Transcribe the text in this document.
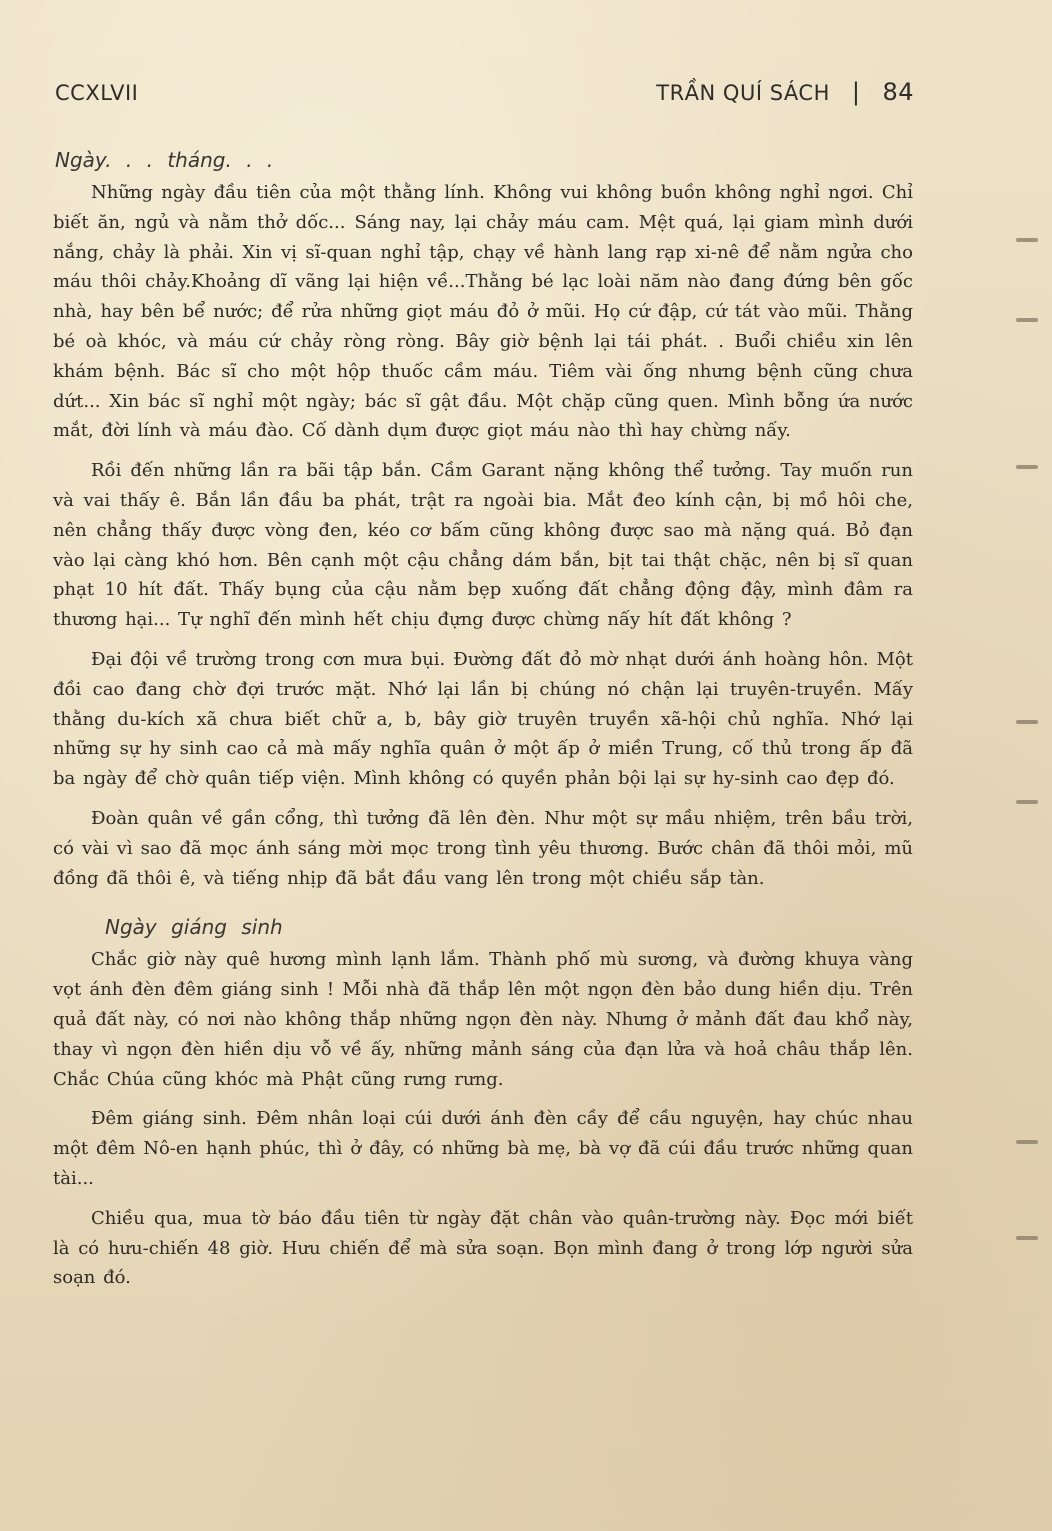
CCXLVII	TRẦN QUÍ SÁCH | 84
Ngày. . . tháng. . .

Những ngày đầu tiên của một thằng lính. Không vui không buồn không nghỉ ngơi. Chỉ biết ăn, ngủ và nằm thở dốc... Sáng nay, lại chảy máu cam. Mệt quá, lại giam mình dưới nắng, chảy là phải. Xin vị sĩ-quan nghỉ tập, chạy về hành lang rạp xi-nê để nằm ngửa cho máu thôi chảy.Khoảng dĩ vãng lại hiện về...Thằng bé lạc loài năm nào đang đứng bên gốc nhà, hay bên bể nước; để rửa những giọt máu đỏ ở mũi. Họ cứ đập, cứ tát vào mũi. Thằng bé oà khóc, và máu cứ chảy ròng ròng. Bây giờ bệnh lại tái phát. . Buổi chiều xin lên khám bệnh. Bác sĩ cho một hộp thuốc cầm máu. Tiêm vài ống nhưng bệnh cũng chưa dứt... Xin bác sĩ nghỉ một ngày; bác sĩ gật đầu. Một chặp cũng quen. Mình bỗng ứa nước mắt, đời lính và máu đào. Cố dành dụm được giọt máu nào thì hay chừng nấy.

Rồi đến những lần ra bãi tập bắn. Cầm Garant nặng không thể tưởng. Tay muốn run và vai thấy ê. Bắn lần đầu ba phát, trật ra ngoài bia. Mắt đeo kính cận, bị mồ hôi che, nên chẳng thấy được vòng đen, kéo cơ bấm cũng không được sao mà nặng quá. Bỏ đạn vào lại càng khó hơn. Bên cạnh một cậu chẳng dám bắn, bịt tai thật chặc, nên bị sĩ quan phạt 10 hít đất. Thấy bụng của cậu nằm bẹp xuống đất chẳng động đậy, mình đâm ra thương hại... Tự nghĩ đến mình hết chịu đựng được chừng nấy hít đất không ?

Đại đội về trường trong cơn mưa bụi. Đường đất đỏ mờ nhạt dưới ánh hoàng hôn. Một đồi cao đang chờ đợi trước mặt. Nhớ lại lần bị chúng nó chận lại truyên-truyền. Mấy thằng du-kích xã chưa biết chữ a, b, bây giờ truyên truyền xã-hội chủ nghĩa. Nhớ lại những sự hy sinh cao cả mà mấy nghĩa quân ở một ấp ở miền Trung, cố thủ trong ấp đã ba ngày để chờ quân tiếp viện. Mình không có quyền phản bội lại sự hy-sinh cao đẹp đó.

Đoàn quân về gần cổng, thì tưởng đã lên đèn. Như một sự mầu nhiệm, trên bầu trời, có vài vì sao đã mọc ánh sáng mời mọc trong tình yêu thương. Bước chân đã thôi mỏi, mũ đồng đã thôi ê, và tiếng nhịp đã bắt đầu vang lên trong một chiều sắp tàn.

Ngày giáng sinh

Chắc giờ này quê hương mình lạnh lắm. Thành phố mù sương, và đường khuya vàng vọt ánh đèn đêm giáng sinh ! Mỗi nhà đã thắp lên một ngọn đèn bảo dung hiền dịu. Trên quả đất này, có nơi nào không thắp những ngọn đèn này. Nhưng ở mảnh đất đau khổ này, thay vì ngọn đèn hiền dịu vỗ về ấy, những mảnh sáng của đạn lửa và hoả châu thắp lên. Chắc Chúa cũng khóc mà Phật cũng rưng rưng.

Đêm giáng sinh. Đêm nhân loại cúi dưới ánh đèn cầy để cầu nguyện, hay chúc nhau một đêm Nô-en hạnh phúc, thì ở đây, có những bà mẹ, bà vợ đã cúi đầu trước những quan tài...

Chiều qua, mua tờ báo đầu tiên từ ngày đặt chân vào quân-trường này. Đọc mới biết là có hưu-chiến 48 giờ. Hưu chiến để mà sửa soạn. Bọn mình đang ở trong lớp người sửa soạn đó.
